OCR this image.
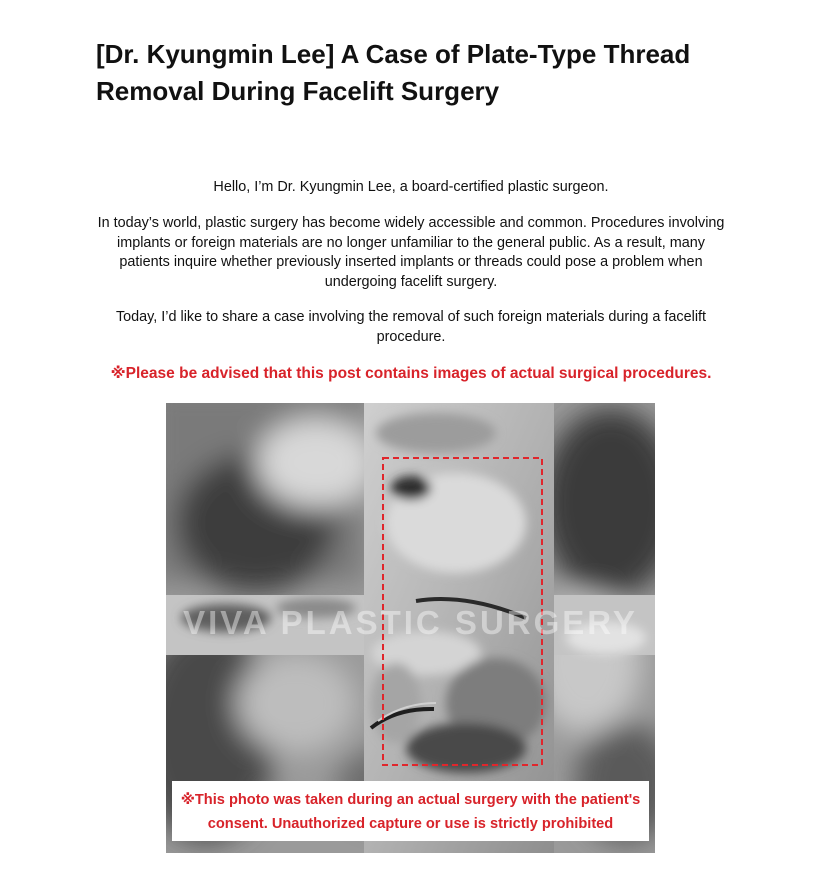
[Dr. Kyungmin Lee] A Case of Plate-Type Thread Removal During Facelift Surgery

Hello, I’m Dr. Kyungmin Lee, a board-certified plastic surgeon.

In today’s world, plastic surgery has become widely accessible and common. Procedures involving implants or foreign materials are no longer unfamiliar to the general public. As a result, many patients inquire whether previously inserted implants or threads could pose a problem when undergoing facelift surgery.

Today, I’d like to share a case involving the removal of such foreign materials during a facelift procedure.

※Please be advised that this post contains images of actual surgical procedures.

VIVA PLASTIC SURGERY
※This photo was taken during an actual surgery with the patient's
consent. Unauthorized capture or use is strictly prohibited
